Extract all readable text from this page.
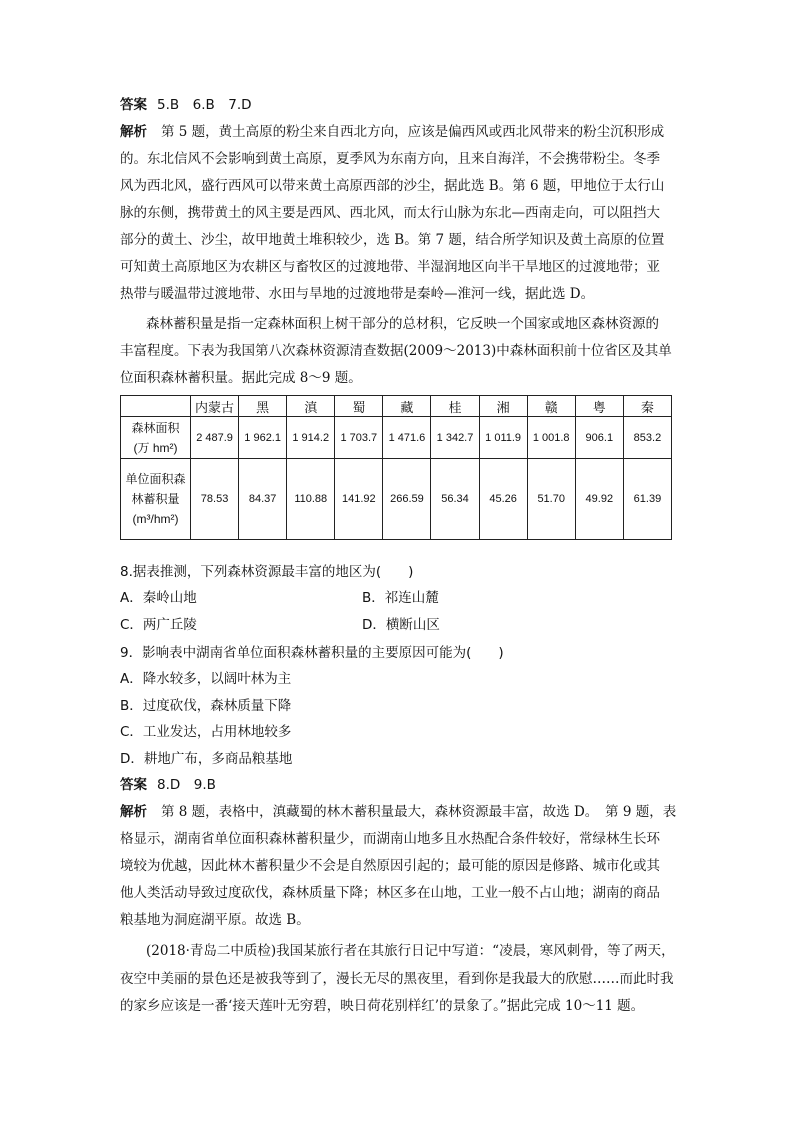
答案 5.B　6.B　7.D
解析 第 5 题，黄土高原的粉尘来自西北方向，应该是偏西风或西北风带来的粉尘沉积形成
的。东北信风不会影响到黄土高原，夏季风为东南方向，且来自海洋，不会携带粉尘。冬季
风为西北风，盛行西风可以带来黄土高原西部的沙尘，据此选 B。第 6 题，甲地位于太行山
脉的东侧，携带黄土的风主要是西风、西北风，而太行山脉为东北—西南走向，可以阻挡大
部分的黄土、沙尘，故甲地黄土堆积较少，选 B。第 7 题，结合所学知识及黄土高原的位置
可知黄土高原地区为农耕区与畜牧区的过渡地带、半湿润地区向半干旱地区的过渡地带；亚
热带与暖温带过渡地带、水田与旱地的过渡地带是秦岭—淮河一线，据此选 D。
森林蓄积量是指一定森林面积上树干部分的总材积，它反映一个国家或地区森林资源的
丰富程度。下表为我国第八次森林资源清查数据(2009～2013)中森林面积前十位省区及其单
位面积森林蓄积量。据此完成 8～9 题。
	内蒙古	黑	滇	蜀	藏	桂	湘	赣	粤	秦

森林面积
(万 hm²)	2 487.9	1 962.1	1 914.2	1 703.7	1 471.6	1 342.7	1 011.9	1 001.8	906.1	853.2

单位面积森
林蓄积量
(m³/hm²)	78.53	84.37	110.88	141.92	266.59	56.34	45.26	51.70	49.92	61.39
8.据表推测，下列森林资源最丰富的地区为(　　)
A．秦岭山地	B．祁连山麓
C．两广丘陵	D．横断山区
9．影响表中湖南省单位面积森林蓄积量的主要原因可能为(　　)
A．降水较多，以阔叶林为主
B．过度砍伐，森林质量下降
C．工业发达，占用林地较多
D．耕地广布，多商品粮基地
答案 8.D　9.B
解析 第 8 题，表格中，滇藏蜀的林木蓄积量最大，森林资源最丰富，故选 D。　第 9 题，表
格显示，湖南省单位面积森林蓄积量少，而湖南山地多且水热配合条件较好，常绿林生长环
境较为优越，因此林木蓄积量少不会是自然原因引起的；最可能的原因是修路、城市化或其
他人类活动导致过度砍伐，森林质量下降；林区多在山地，工业一般不占山地；湖南的商品
粮基地为洞庭湖平原。故选 B。
(2018·青岛二中质检)我国某旅行者在其旅行日记中写道：“凌晨，寒风刺骨，等了两天，
夜空中美丽的景色还是被我等到了，漫长无尽的黑夜里，看到你是我最大的欣慰……而此时我
的家乡应该是一番‘接天莲叶无穷碧，映日荷花别样红’的景象了。”据此完成 10～11 题。
